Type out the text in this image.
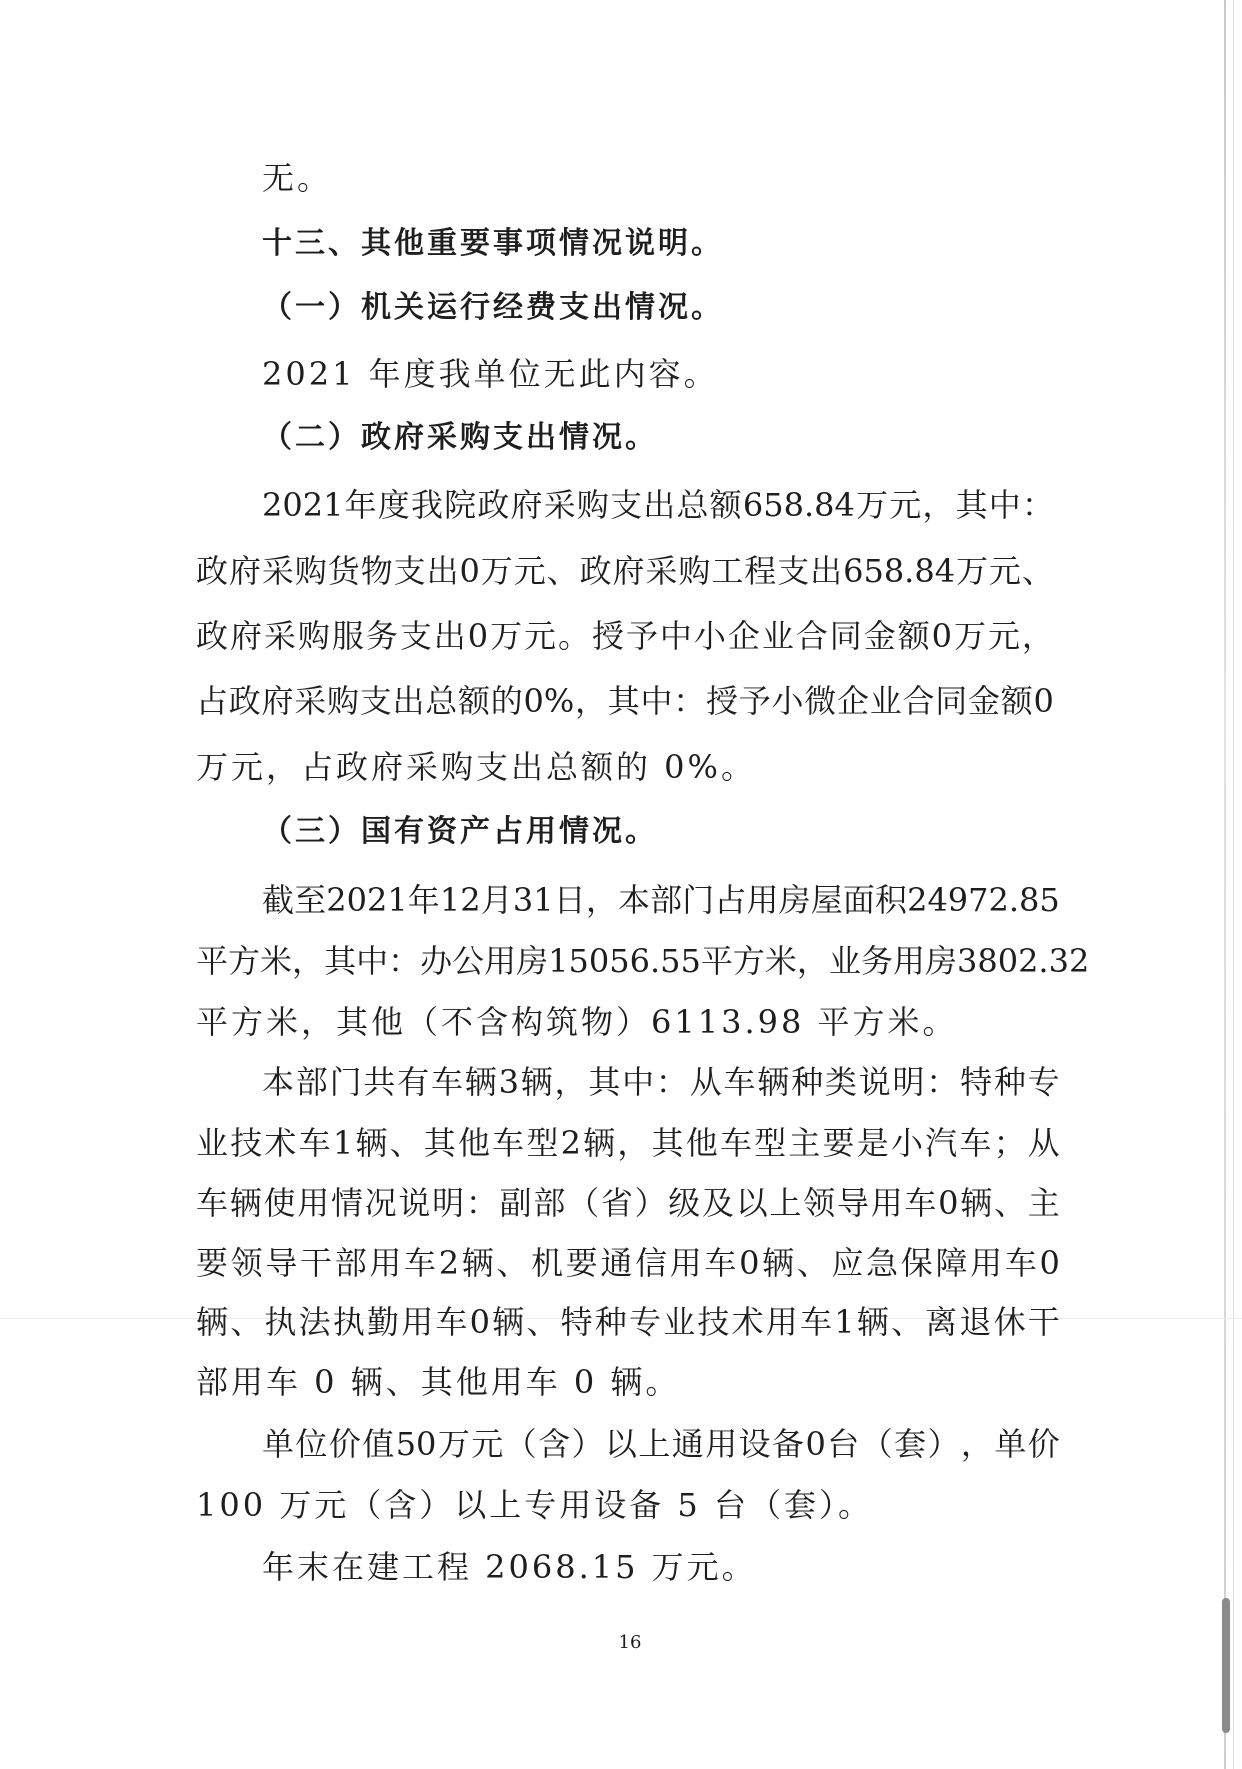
无。
十三、其他重要事项情况说明。
（一）机关运行经费支出情况。
2021 年度我单位无此内容。
（二）政府采购支出情况。
2021 年 度 我 院 政 府 采 购 支 出 总 额 658.84 万 元 ， 其 中 ：
政 府 采 购 货 物 支 出 0 万 元 、 政 府 采 购 工 程 支 出 658.84 万 元 、
政 府 采 购 服 务 支 出 0 万 元 。 授 予 中 小 企 业 合 同 金 额 0 万 元 ，
占 政 府 采 购 支 出 总 额 的 0% ， 其 中 ： 授 予 小 微 企 业 合 同 金 额 0
万元，占政府采购支出总额的 0%。
（三）国有资产占用情况。
截 至 2021 年 12 月 31 日 ， 本 部 门 占 用 房 屋 面 积 24972.85
平 方 米 ， 其 中 ： 办 公 用 房 15056.55 平 方 米 ， 业 务 用 房 3802.32
平方米，其他（不含构筑物）6113.98 平方米。
本 部 门 共 有 车 辆 3 辆 ， 其 中 ： 从 车 辆 种 类 说 明 ： 特 种 专
业 技 术 车 1 辆 、 其 他 车 型 2 辆 ， 其 他 车 型 主 要 是 小 汽 车 ； 从
车 辆 使 用 情 况 说 明 ： 副 部 （ 省 ） 级 及 以 上 领 导 用 车 0 辆 、 主
要 领 导 干 部 用 车 2 辆 、 机 要 通 信 用 车 0 辆 、 应 急 保 障 用 车 0
辆 、 执 法 执 勤 用 车 0 辆 、 特 种 专 业 技 术 用 车 1 辆 、 离 退 休 干
部用车 0 辆、其他用车 0 辆。
单 位 价 值 50 万 元 （ 含 ） 以 上 通 用 设 备 0 台 （ 套 ） ， 单 价
100 万元（含）以上专用设备 5 台（套）。
年末在建工程 2068.15 万元。
16
